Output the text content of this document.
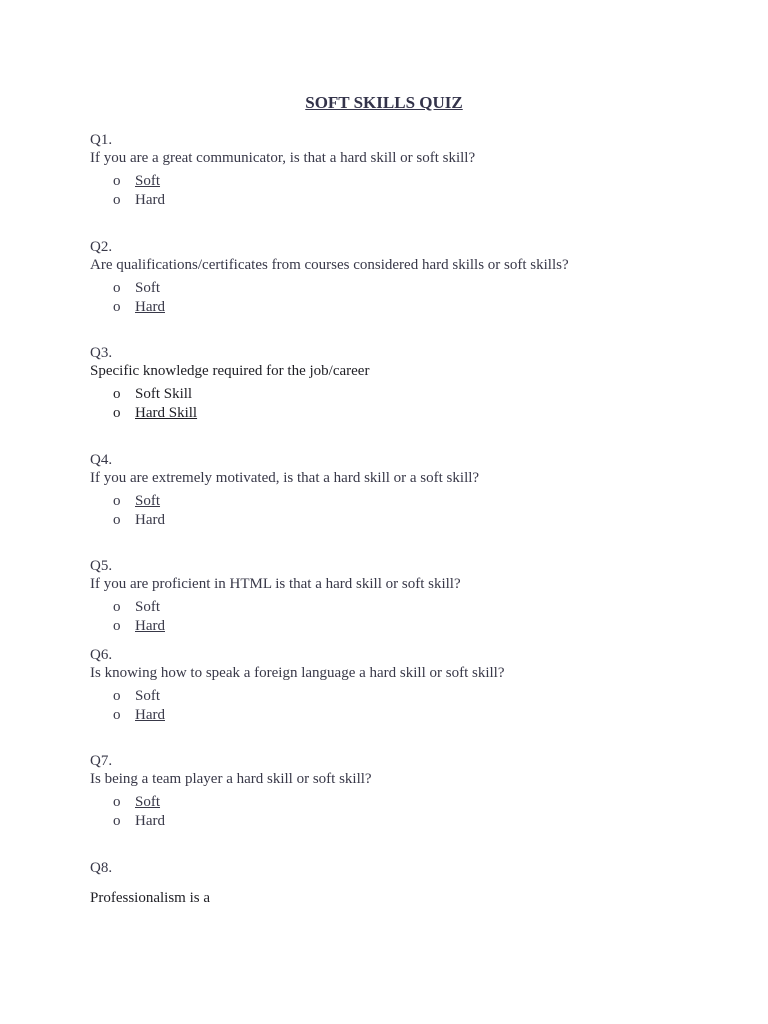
SOFT SKILLS QUIZ

Q1.

If you are a great communicator, is that a hard skill or soft skill?

o Soft
o Hard

Q2.

Are qualifications/certificates from courses considered hard skills or soft skills?

o Soft
o Hard

Q3.

Specific knowledge required for the job/career

o Soft Skill
o Hard Skill

Q4.

If you are extremely motivated, is that a hard skill or a soft skill?

o Soft
o Hard

Q5.

If you are proficient in HTML is that a hard skill or soft skill?

o Soft
o Hard

Q6.

Is knowing how to speak a foreign language a hard skill or soft skill?

o Soft
o Hard

Q7.

Is being a team player a hard skill or soft skill?

o Soft
o Hard

Q8.

Professionalism is a
